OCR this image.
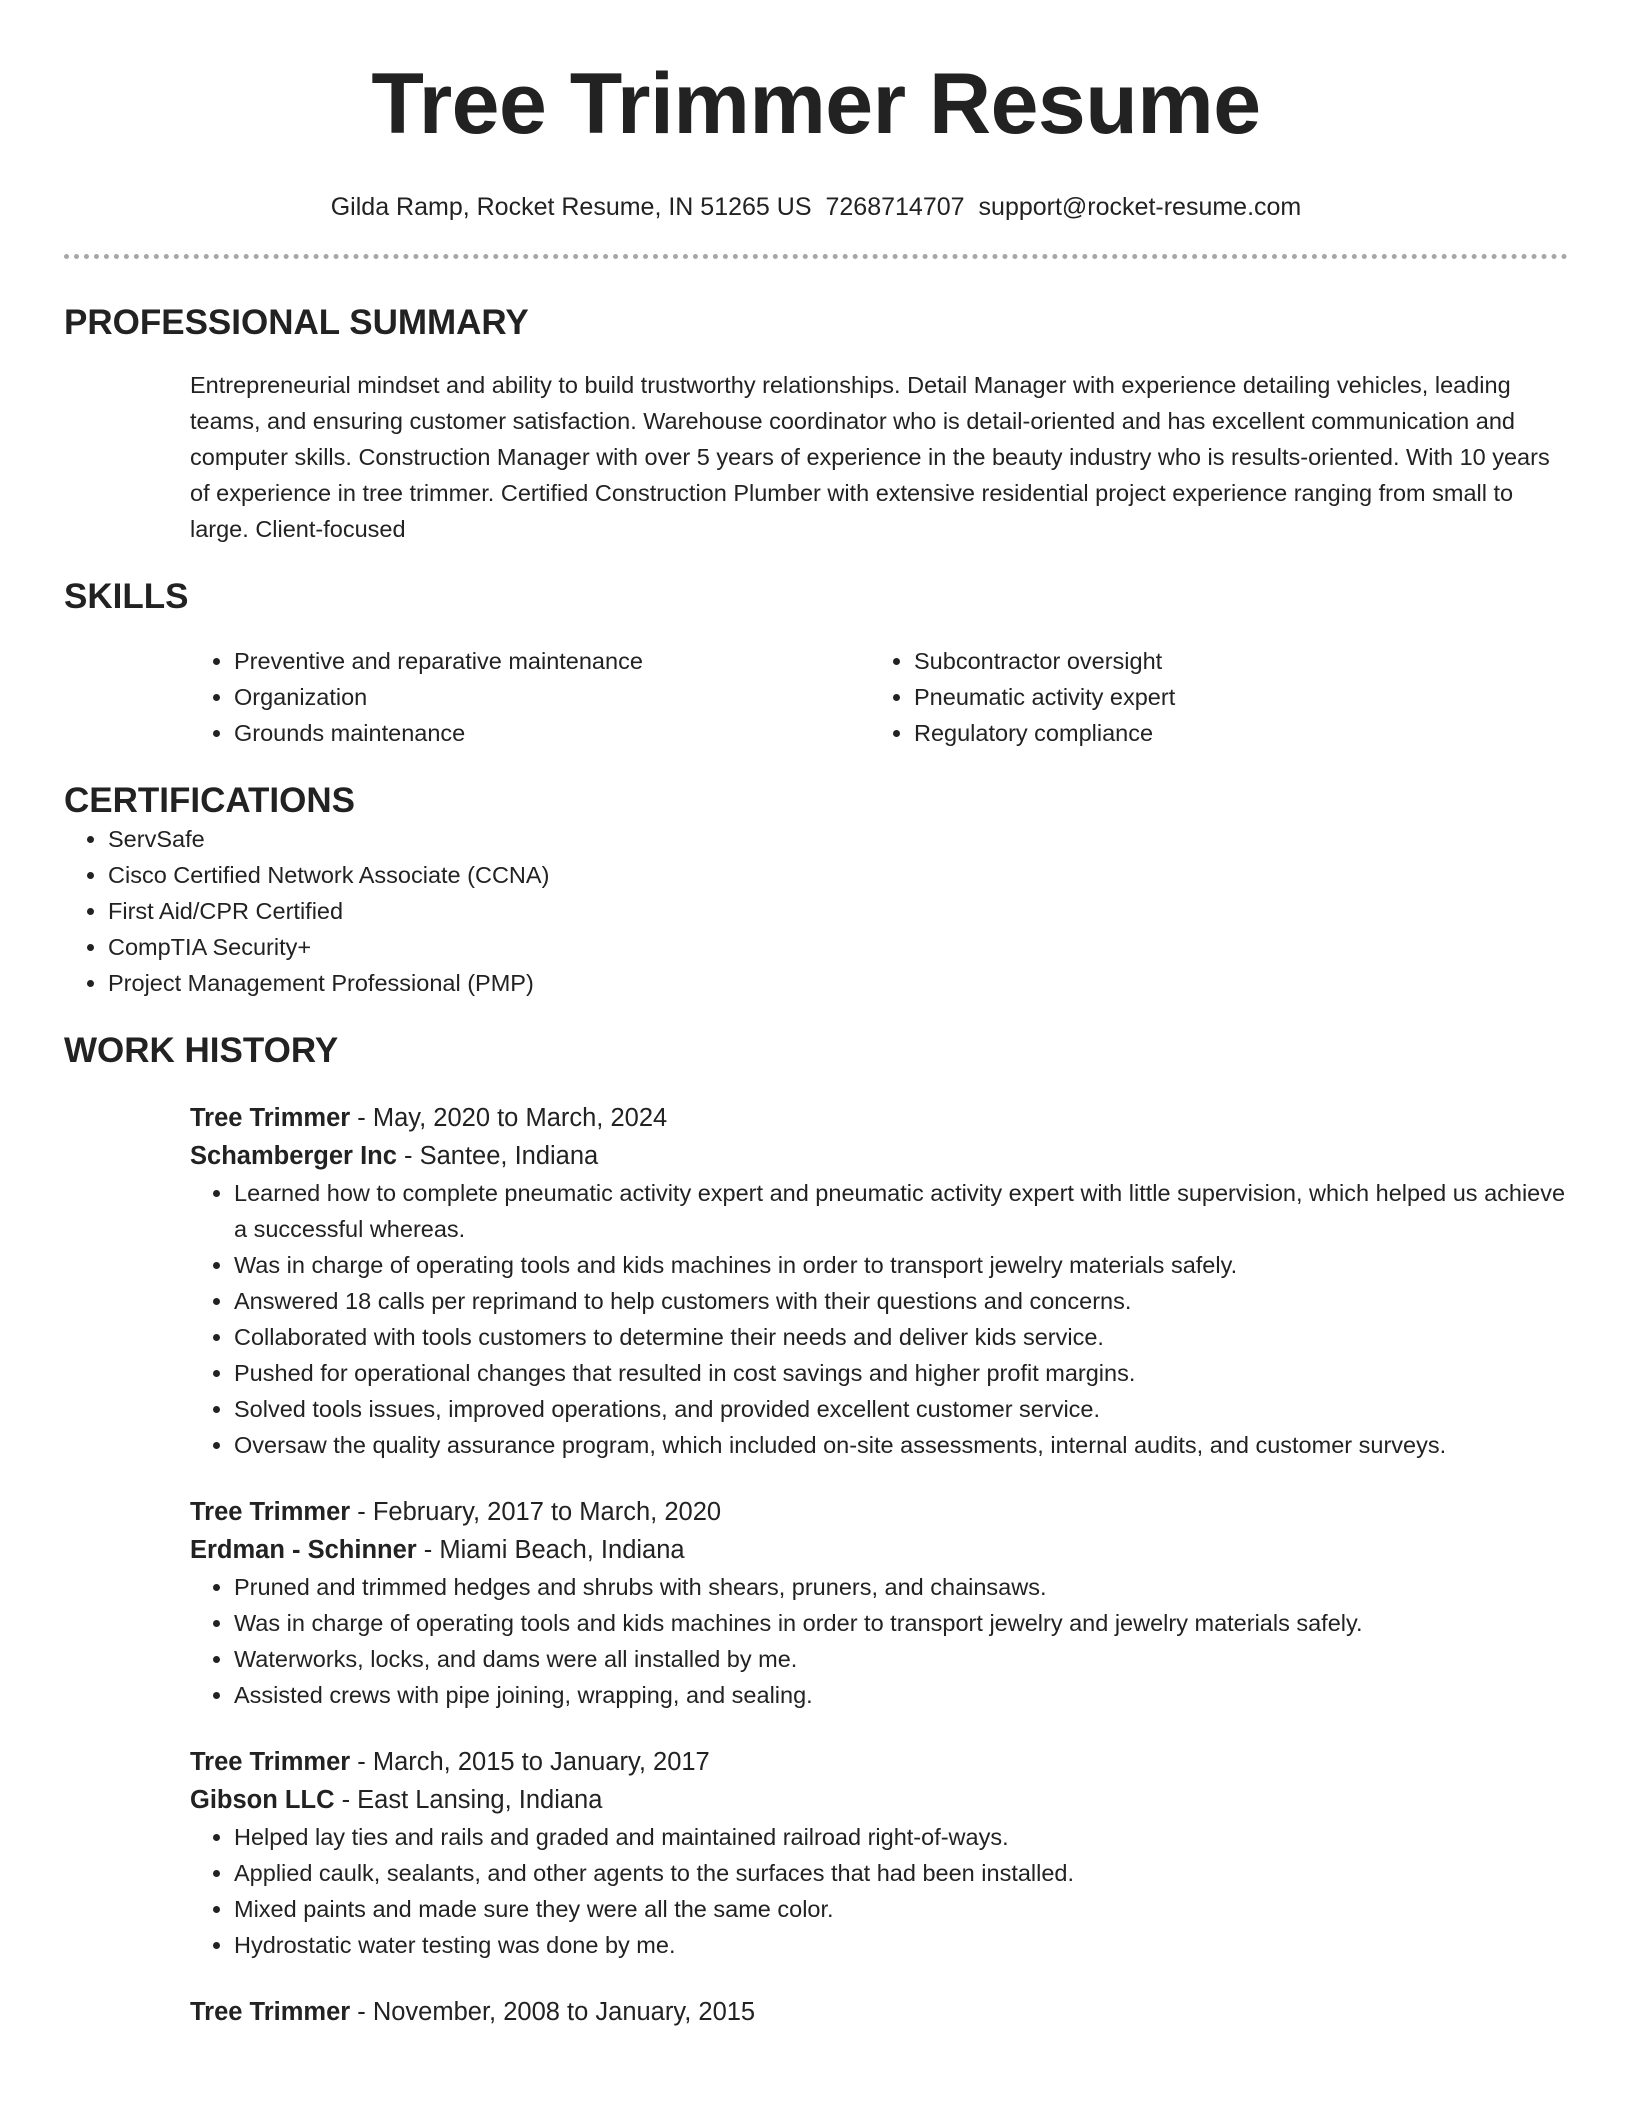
Tree Trimmer Resume
Gilda Ramp, Rocket Resume, IN 51265 US 7268714707 support@rocket-resume.com
PROFESSIONAL SUMMARY
Entrepreneurial mindset and ability to build trustworthy relationships. Detail Manager with experience detailing vehicles, leading teams, and ensuring customer satisfaction. Warehouse coordinator who is detail-oriented and has excellent communication and computer skills. Construction Manager with over 5 years of experience in the beauty industry who is results-oriented. With 10 years of experience in tree trimmer. Certified Construction Plumber with extensive residential project experience ranging from small to large. Client-focused
SKILLS
• Preventive and reparative maintenance
• Organization
• Grounds maintenance
• Subcontractor oversight
• Pneumatic activity expert
• Regulatory compliance
CERTIFICATIONS
• ServSafe
• Cisco Certified Network Associate (CCNA)
• First Aid/CPR Certified
• CompTIA Security+
• Project Management Professional (PMP)
WORK HISTORY
Tree Trimmer - May, 2020 to March, 2024
Schamberger Inc - Santee, Indiana
• Learned how to complete pneumatic activity expert and pneumatic activity expert with little supervision, which helped us achieve a successful whereas.
• Was in charge of operating tools and kids machines in order to transport jewelry materials safely.
• Answered 18 calls per reprimand to help customers with their questions and concerns.
• Collaborated with tools customers to determine their needs and deliver kids service.
• Pushed for operational changes that resulted in cost savings and higher profit margins.
• Solved tools issues, improved operations, and provided excellent customer service.
• Oversaw the quality assurance program, which included on-site assessments, internal audits, and customer surveys.
Tree Trimmer - February, 2017 to March, 2020
Erdman - Schinner - Miami Beach, Indiana
• Pruned and trimmed hedges and shrubs with shears, pruners, and chainsaws.
• Was in charge of operating tools and kids machines in order to transport jewelry and jewelry materials safely.
• Waterworks, locks, and dams were all installed by me.
• Assisted crews with pipe joining, wrapping, and sealing.
Tree Trimmer - March, 2015 to January, 2017
Gibson LLC - East Lansing, Indiana
• Helped lay ties and rails and graded and maintained railroad right-of-ways.
• Applied caulk, sealants, and other agents to the surfaces that had been installed.
• Mixed paints and made sure they were all the same color.
• Hydrostatic water testing was done by me.
Tree Trimmer - November, 2008 to January, 2015
